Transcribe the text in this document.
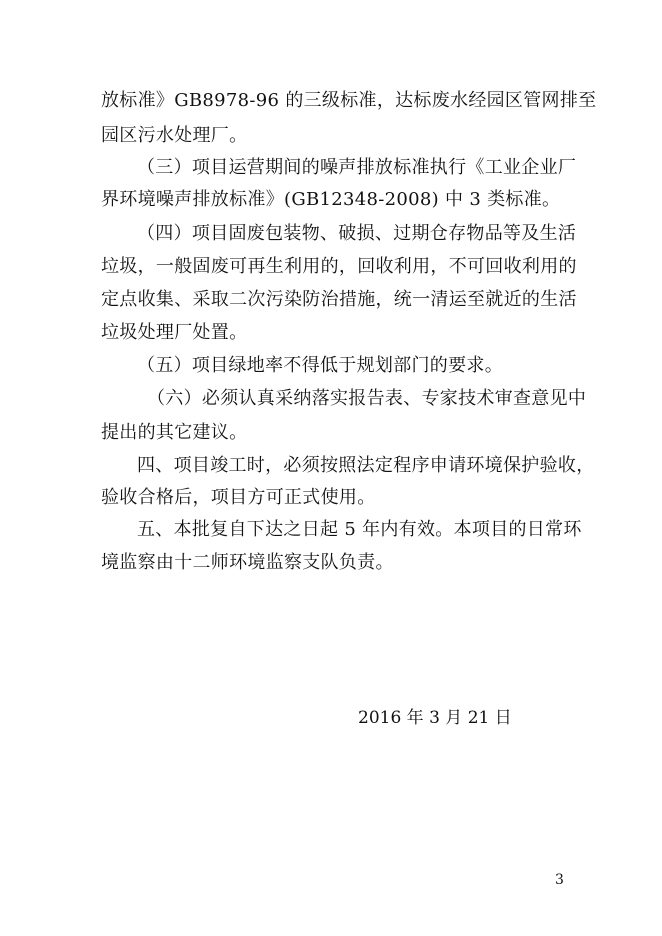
放标准》GB8978-96 的三级标准，达标废水经园区管网排至
园区污水处理厂。
（三）项目运营期间的噪声排放标准执行《工业企业厂
界环境噪声排放标准》(GB12348-2008) 中 3 类标准。
（四）项目固废包装物、破损、过期仓存物品等及生活
垃圾，一般固废可再生利用的，回收利用，不可回收利用的
定点收集、采取二次污染防治措施，统一清运至就近的生活
垃圾处理厂处置。
（五）项目绿地率不得低于规划部门的要求。
（六）必须认真采纳落实报告表、专家技术审查意见中
提出的其它建议。
四、项目竣工时，必须按照法定程序申请环境保护验收，
验收合格后，项目方可正式使用。
五、本批复自下达之日起 5 年内有效。本项目的日常环
境监察由十二师环境监察支队负责。
2016 年 3 月 21 日
3
